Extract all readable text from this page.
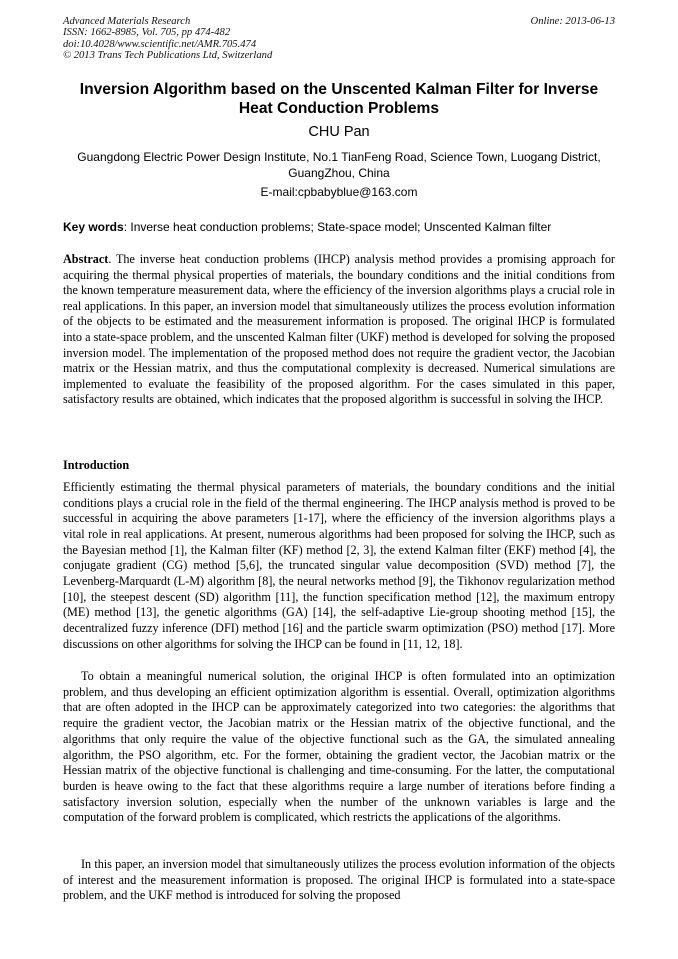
Advanced Materials Research
ISSN: 1662-8985, Vol. 705, pp 474-482
doi:10.4028/www.scientific.net/AMR.705.474
© 2013 Trans Tech Publications Ltd, Switzerland
Online: 2013-06-13
Inversion Algorithm based on the Unscented Kalman Filter for Inverse Heat Conduction Problems
CHU Pan
Guangdong Electric Power Design Institute, No.1 TianFeng Road, Science Town, Luogang District, GuangZhou, China
E-mail:cpbabyblue@163.com
Key words: Inverse heat conduction problems; State-space model; Unscented Kalman filter

Abstract. The inverse heat conduction problems (IHCP) analysis method provides a promising approach for acquiring the thermal physical properties of materials, the boundary conditions and the initial conditions from the known temperature measurement data, where the efficiency of the inversion algorithms plays a crucial role in real applications. In this paper, an inversion model that simultaneously utilizes the process evolution information of the objects to be estimated and the measurement information is proposed. The original IHCP is formulated into a state-space problem, and the unscented Kalman filter (UKF) method is developed for solving the proposed inversion model. The implementation of the proposed method does not require the gradient vector, the Jacobian matrix or the Hessian matrix, and thus the computational complexity is decreased. Numerical simulations are implemented to evaluate the feasibility of the proposed algorithm. For the cases simulated in this paper, satisfactory results are obtained, which indicates that the proposed algorithm is successful in solving the IHCP.

Introduction

Efficiently estimating the thermal physical parameters of materials, the boundary conditions and the initial conditions plays a crucial role in the field of the thermal engineering. The IHCP analysis method is proved to be successful in acquiring the above parameters [1-17], where the efficiency of the inversion algorithms plays a vital role in real applications. At present, numerous algorithms had been proposed for solving the IHCP, such as the Bayesian method [1], the Kalman filter (KF) method [2, 3], the extend Kalman filter (EKF) method [4], the conjugate gradient (CG) method [5,6], the truncated singular value decomposition (SVD) method [7], the Levenberg-Marquardt (L-M) algorithm [8], the neural networks method [9], the Tikhonov regularization method [10], the steepest descent (SD) algorithm [11], the function specification method [12], the maximum entropy (ME) method [13], the genetic algorithms (GA) [14], the self-adaptive Lie-group shooting method [15], the decentralized fuzzy inference (DFI) method [16] and the particle swarm optimization (PSO) method [17]. More discussions on other algorithms for solving the IHCP can be found in [11, 12, 18].

To obtain a meaningful numerical solution, the original IHCP is often formulated into an optimization problem, and thus developing an efficient optimization algorithm is essential. Overall, optimization algorithms that are often adopted in the IHCP can be approximately categorized into two categories: the algorithms that require the gradient vector, the Jacobian matrix or the Hessian matrix of the objective functional, and the algorithms that only require the value of the objective functional such as the GA, the simulated annealing algorithm, the PSO algorithm, etc. For the former, obtaining the gradient vector, the Jacobian matrix or the Hessian matrix of the objective functional is challenging and time-consuming. For the latter, the computational burden is heave owing to the fact that these algorithms require a large number of iterations before finding a satisfactory inversion solution, especially when the number of the unknown variables is large and the computation of the forward problem is complicated, which restricts the applications of the algorithms.

In this paper, an inversion model that simultaneously utilizes the process evolution information of the objects of interest and the measurement information is proposed. The original IHCP is formulated into a state-space problem, and the UKF method is introduced for solving the proposed
